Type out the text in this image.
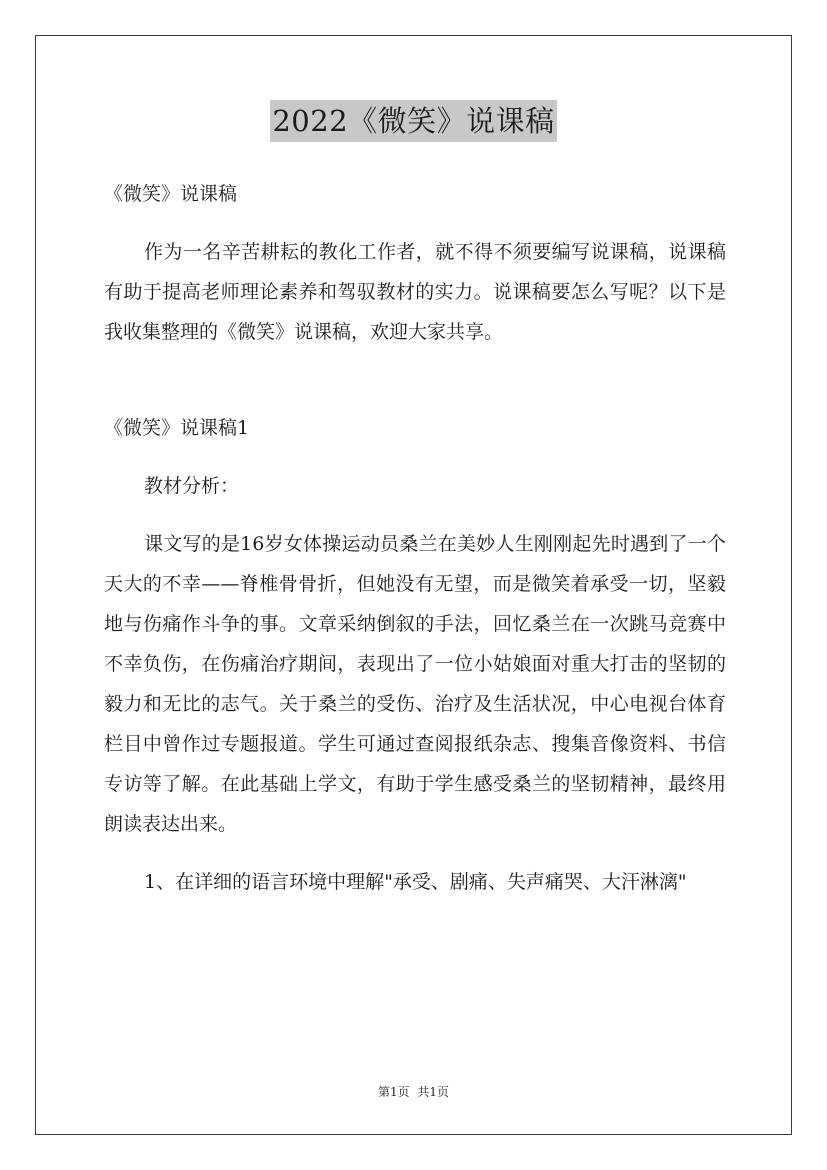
2022《微笑》说课稿

《微笑》说课稿

作为一名辛苦耕耘的教化工作者，就不得不须要编写说课稿，说课稿有助于提高老师理论素养和驾驭教材的实力。说课稿要怎么写呢？以下是我收集整理的《微笑》说课稿，欢迎大家共享。

《微笑》说课稿1

教材分析：

课文写的是16岁女体操运动员桑兰在美妙人生刚刚起先时遇到了一个天大的不幸——脊椎骨骨折，但她没有无望，而是微笑着承受一切，坚毅地与伤痛作斗争的事。文章采纳倒叙的手法，回忆桑兰在一次跳马竞赛中不幸负伤，在伤痛治疗期间，表现出了一位小姑娘面对重大打击的坚韧的毅力和无比的志气。关于桑兰的受伤、治疗及生活状况，中心电视台体育栏目中曾作过专题报道。学生可通过查阅报纸杂志、搜集音像资料、书信专访等了解。在此基础上学文，有助于学生感受桑兰的坚韧精神，最终用朗读表达出来。

1、在详细的语言环境中理解"承受、剧痛、失声痛哭、大汗淋漓"

第1页 共1页
